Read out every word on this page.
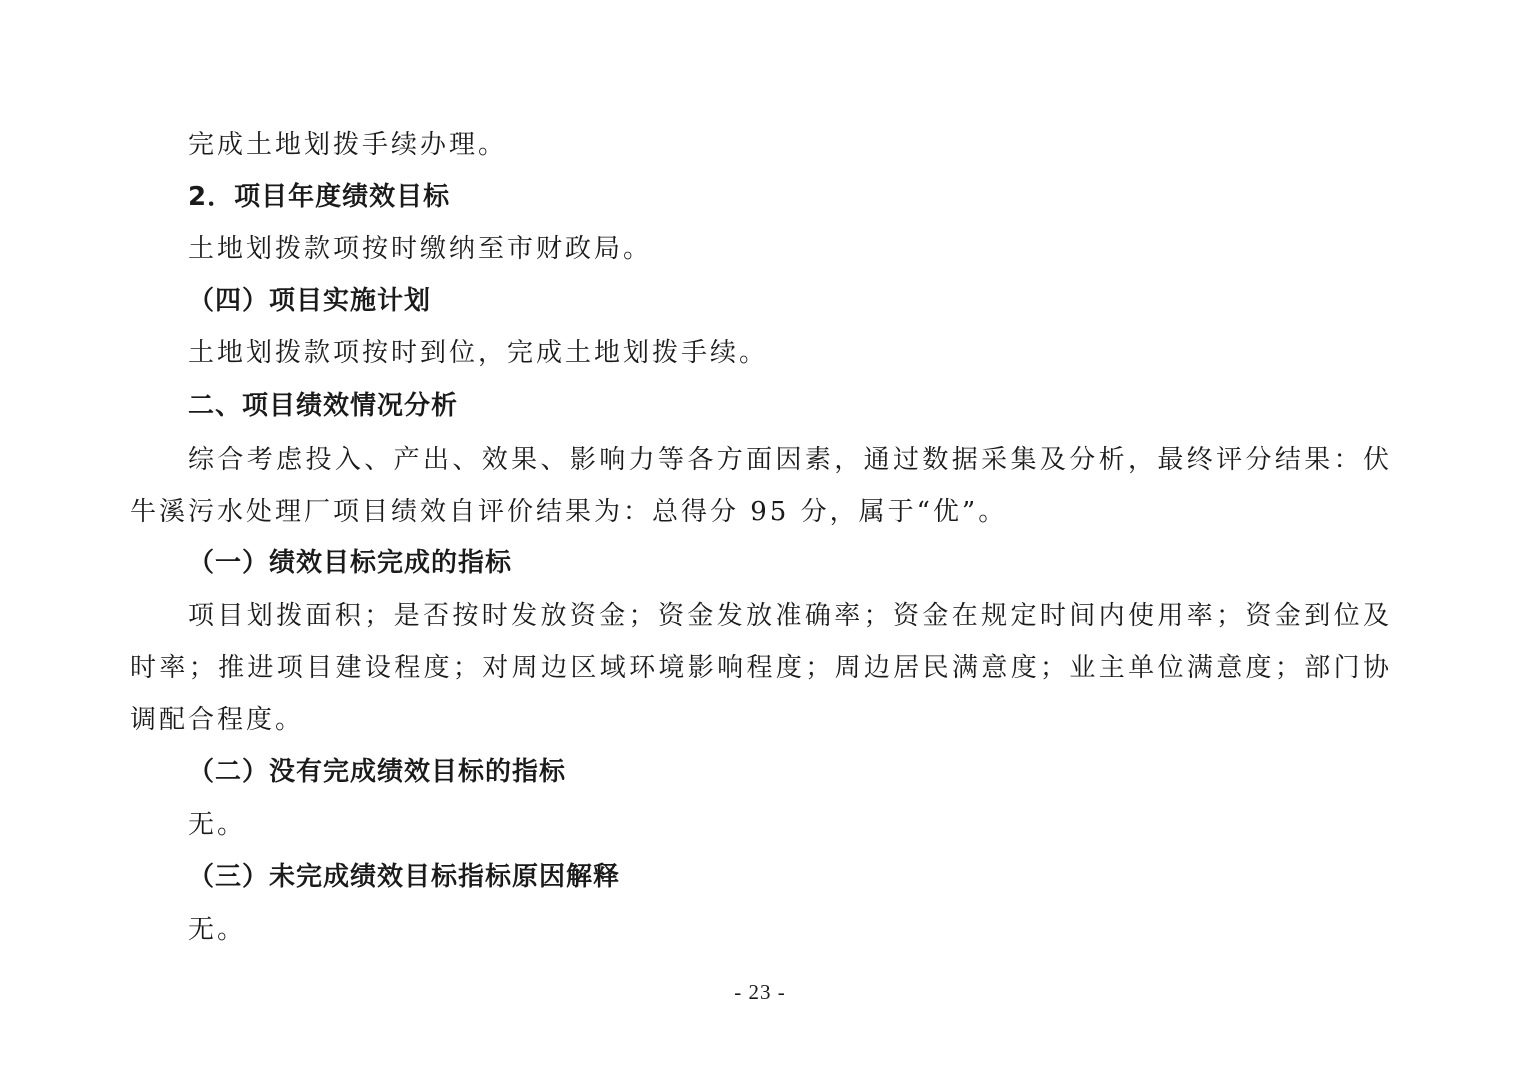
完成土地划拨手续办理。
2．项目年度绩效目标
土地划拨款项按时缴纳至市财政局。
（四）项目实施计划
土地划拨款项按时到位，完成土地划拨手续。
二、项目绩效情况分析
综合考虑投入、产出、效果、影响力等各方面因素，通过数据采集及分析，最终评分结果：伏
牛溪污水处理厂项目绩效自评价结果为：总得分 95 分，属于“优”。
（一）绩效目标完成的指标
项目划拨面积；是否按时发放资金；资金发放准确率；资金在规定时间内使用率；资金到位及
时率；推进项目建设程度；对周边区域环境影响程度；周边居民满意度；业主单位满意度；部门协
调配合程度。
（二）没有完成绩效目标的指标
无。
（三）未完成绩效目标指标原因解释
无。
- 23 -
